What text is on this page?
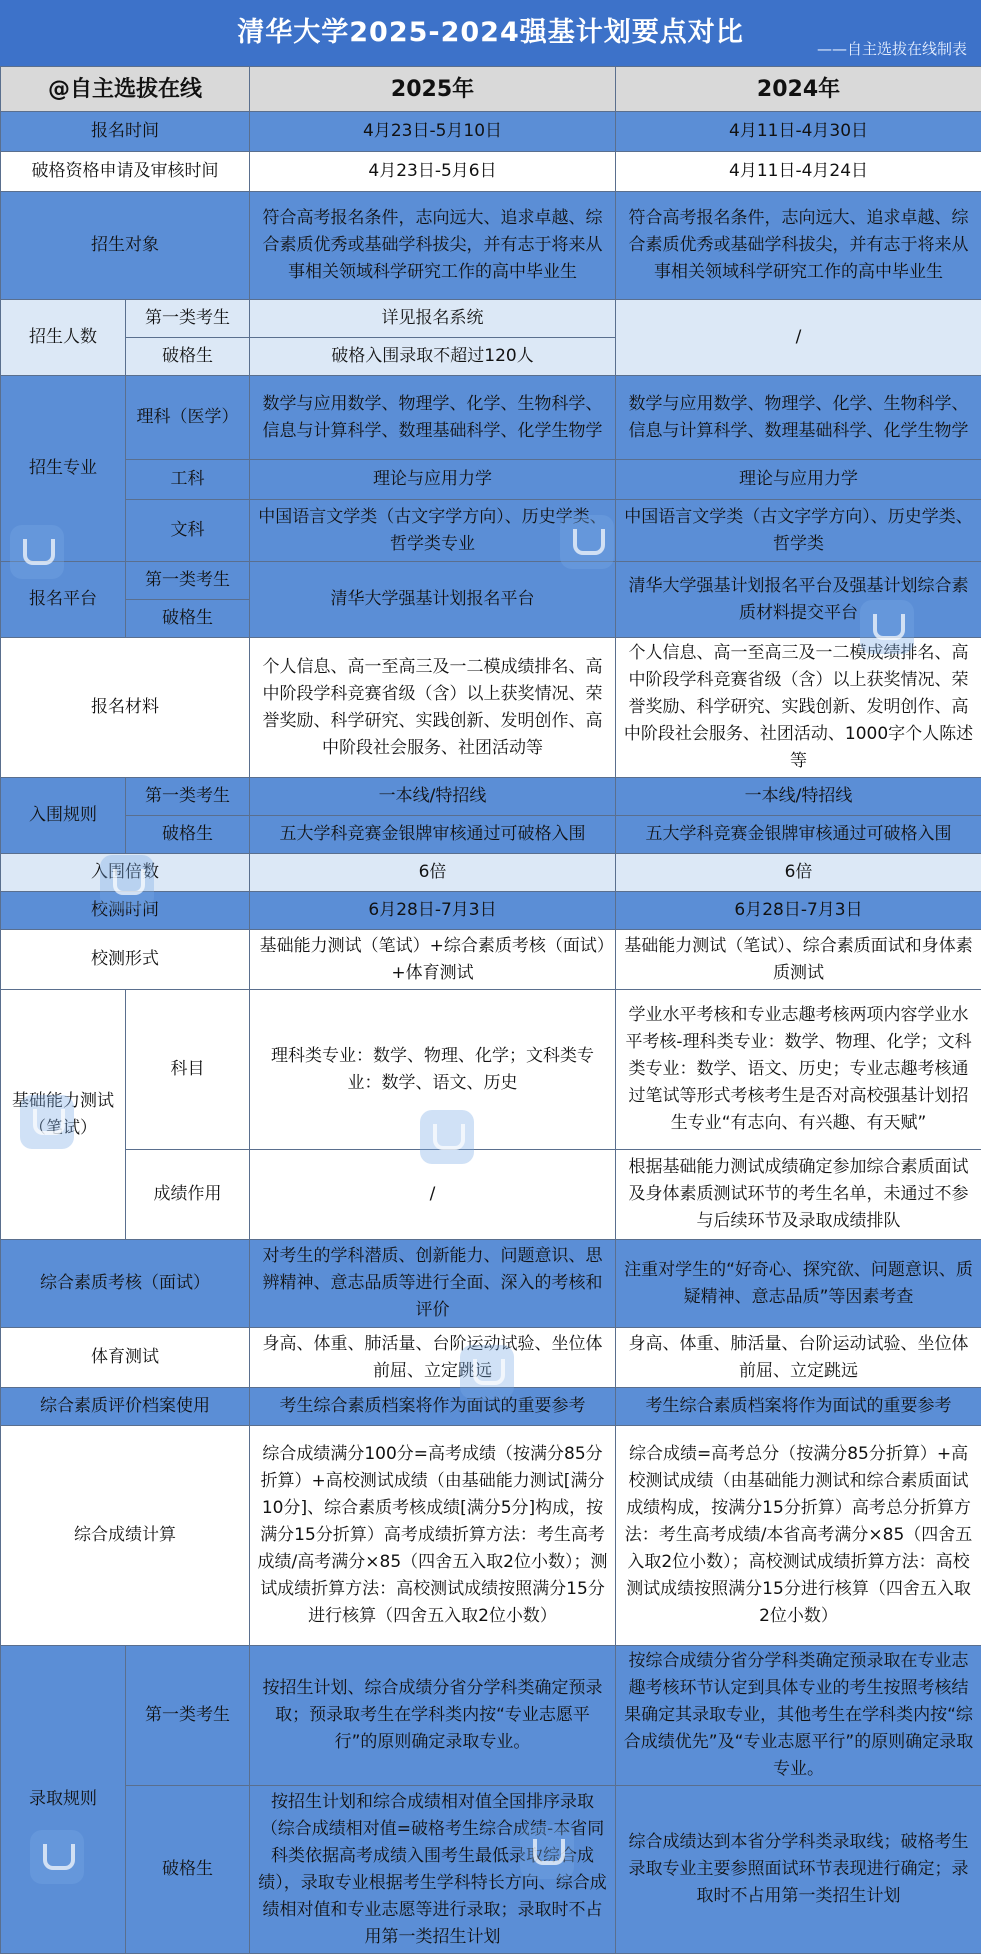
清华大学2025-2024强基计划要点对比
——自主选拔在线制表
@自主选拔在线		2025年	2024年
报名时间		4月23日-5月10日	4月11日-4月30日
破格资格申请及审核时间		4月23日-5月6日	4月11日-4月24日
招生对象		符合高考报名条件，志向远大、追求卓越、综合素质优秀或基础学科拔尖，并有志于将来从事相关领域科学研究工作的高中毕业生	符合高考报名条件，志向远大、追求卓越、综合素质优秀或基础学科拔尖，并有志于将来从事相关领域科学研究工作的高中毕业生
招生人数	第一类考生	详见报名系统	/
	破格生	破格入围录取不超过120人	
招生专业	理科（医学）	数学与应用数学、物理学、化学、生物科学、信息与计算科学、数理基础科学、化学生物学	数学与应用数学、物理学、化学、生物科学、信息与计算科学、数理基础科学、化学生物学
	工科	理论与应用力学	理论与应用力学
	文科	中国语言文学类（古文字学方向）、历史学类、哲学类专业	中国语言文学类（古文字学方向）、历史学类、哲学类
报名平台	第一类考生	清华大学强基计划报名平台	清华大学强基计划报名平台及强基计划综合素质材料提交平台
	破格生		
报名材料		个人信息、高一至高三及一二模成绩排名、高中阶段学科竞赛省级（含）以上获奖情况、荣誉奖励、科学研究、实践创新、发明创作、高中阶段社会服务、社团活动等	个人信息、高一至高三及一二模成绩排名、高中阶段学科竞赛省级（含）以上获奖情况、荣誉奖励、科学研究、实践创新、发明创作、高中阶段社会服务、社团活动、1000字个人陈述等
入围规则	第一类考生	一本线/特招线	一本线/特招线
	破格生	五大学科竞赛金银牌审核通过可破格入围	五大学科竞赛金银牌审核通过可破格入围
入围倍数		6倍	6倍
校测时间		6月28日-7月3日	6月28日-7月3日
校测形式		基础能力测试（笔试）+综合素质考核（面试）+体育测试	基础能力测试（笔试）、综合素质面试和身体素质测试
基础能力测试（笔试）	科目	理科类专业：数学、物理、化学；文科类专业：数学、语文、历史	学业水平考核和专业志趣考核两项内容学业水平考核-理科类专业：数学、物理、化学；文科类专业：数学、语文、历史；专业志趣考核通过笔试等形式考核考生是否对高校强基计划招生专业“有志向、有兴趣、有天赋”
	成绩作用	/	根据基础能力测试成绩确定参加综合素质面试及身体素质测试环节的考生名单，未通过不参与后续环节及录取成绩排队
综合素质考核（面试）		对考生的学科潜质、创新能力、问题意识、思辨精神、意志品质等进行全面、深入的考核和评价	注重对学生的“好奇心、探究欲、问题意识、质疑精神、意志品质”等因素考查
体育测试		身高、体重、肺活量、台阶运动试验、坐位体前屈、立定跳远	身高、体重、肺活量、台阶运动试验、坐位体前屈、立定跳远
综合素质评价档案使用		考生综合素质档案将作为面试的重要参考	考生综合素质档案将作为面试的重要参考
综合成绩计算		综合成绩满分100分=高考成绩（按满分85分折算）+高校测试成绩（由基础能力测试[满分10分]、综合素质考核成绩[满分5分]构成，按满分15分折算）高考成绩折算方法：考生高考成绩/高考满分×85（四舍五入取2位小数）；测试成绩折算方法：高校测试成绩按照满分15分进行核算（四舍五入取2位小数）	综合成绩=高考总分（按满分85分折算）+高校测试成绩（由基础能力测试和综合素质面试成绩构成，按满分15分折算）高考总分折算方法：考生高考成绩/本省高考满分×85（四舍五入取2位小数）；高校测试成绩折算方法：高校测试成绩按照满分15分进行核算（四舍五入取2位小数）
录取规则	第一类考生	按招生计划、综合成绩分省分学科类确定预录取；预录取考生在学科类内按“专业志愿平行”的原则确定录取专业。	按综合成绩分省分学科类确定预录取在专业志趣考核环节认定到具体专业的考生按照考核结果确定其录取专业，其他考生在学科类内按“综合成绩优先”及“专业志愿平行”的原则确定录取专业。
	破格生	按招生计划和综合成绩相对值全国排序录取（综合成绩相对值=破格考生综合成绩-本省同科类依据高考成绩入围考生最低录取综合成绩），录取专业根据考生学科特长方向、综合成绩相对值和专业志愿等进行录取；录取时不占用第一类招生计划	综合成绩达到本省分学科类录取线；破格考生录取专业主要参照面试环节表现进行确定；录取时不占用第一类招生计划
